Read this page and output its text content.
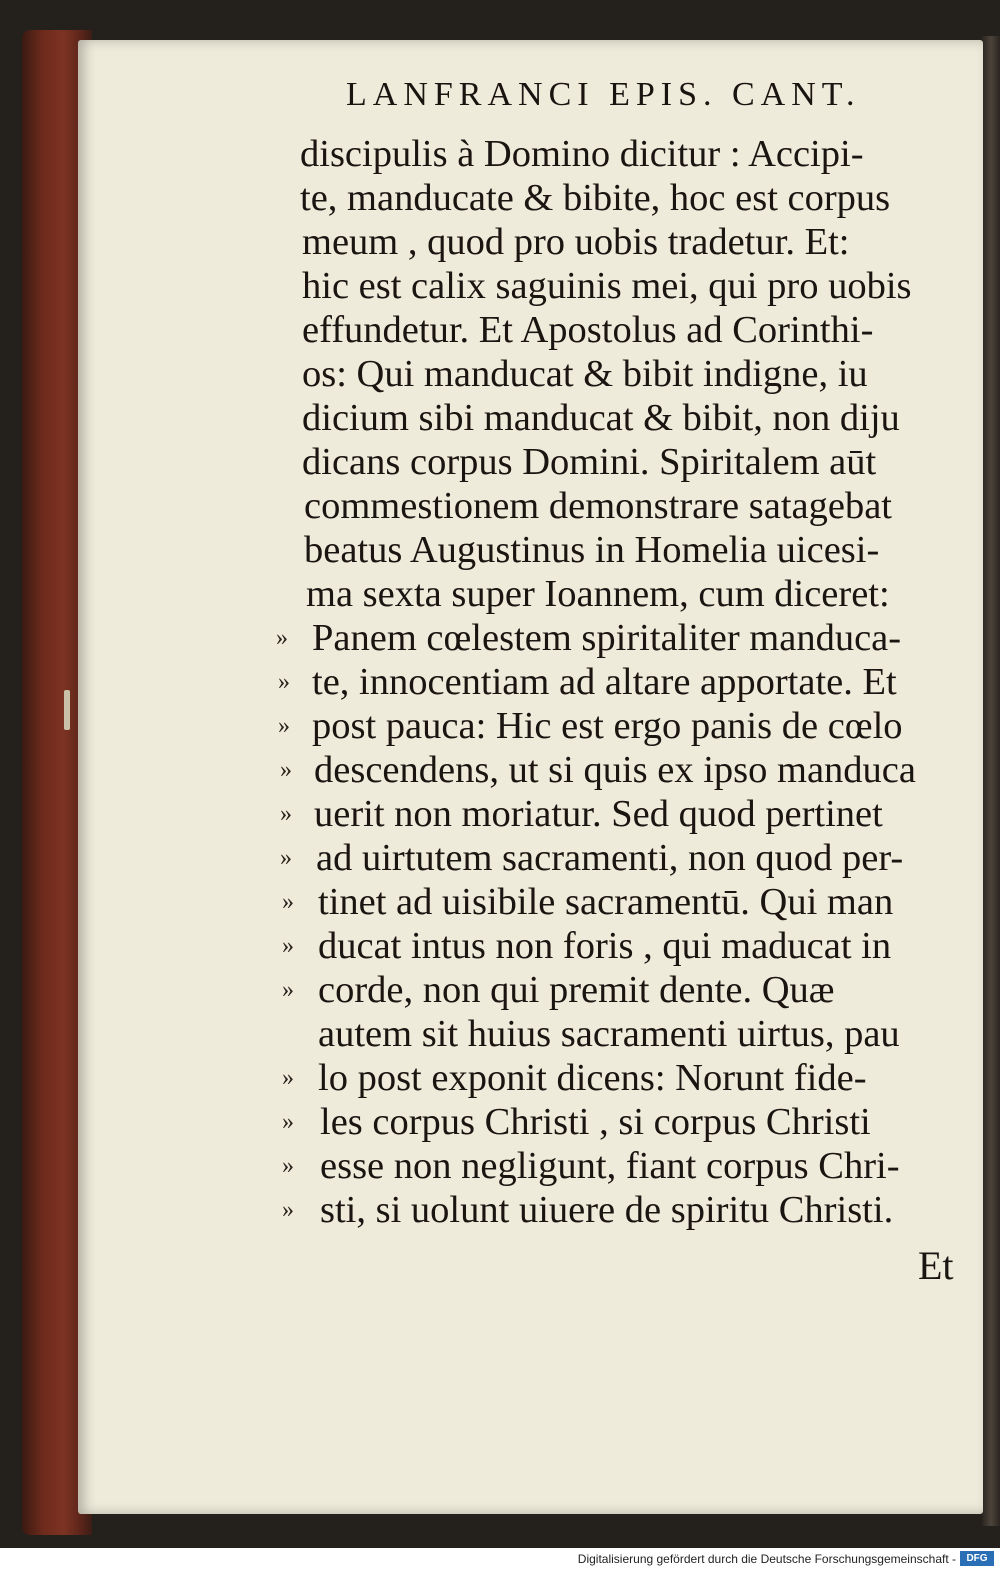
LANFRANCI EPIS. CANT.
discipulis à Domino dicitur : Accipi-
te, manducate & bibite, hoc est corpus
meum , quod pro uobis tradetur. Et:
hic est calix saguinis mei, qui pro uobis
effundetur. Et Apostolus ad Corinthi-
os: Qui manducat & bibit indigne, iu
dicium sibi manducat & bibit, non diju
dicans corpus Domini. Spiritalem aūt
commestionem demonstrare satagebat
beatus Augustinus in Homelia uicesi-
ma sexta super Ioannem, cum diceret:
» Panem cœlestem spiritaliter manduca-
» te, innocentiam ad altare apportate. Et
» post pauca: Hic est ergo panis de cœlo
» descendens, ut si quis ex ipso manduca
» uerit non moriatur. Sed quod pertinet
» ad uirtutem sacramenti, non quod per-
» tinet ad uisibile sacramentū. Qui man
» ducat intus non foris , qui maducat in
» corde, non qui premit dente. Quæ
autem sit huius sacramenti uirtus, pau
» lo post exponit dicens: Norunt fide-
» les corpus Christi , si corpus Christi
» esse non negligunt, fiant corpus Chri-
» sti, si uolunt uiuere de spiritu Christi.
Et
Digitalisierung gefördert durch die Deutsche Forschungsgemeinschaft -	DFG
